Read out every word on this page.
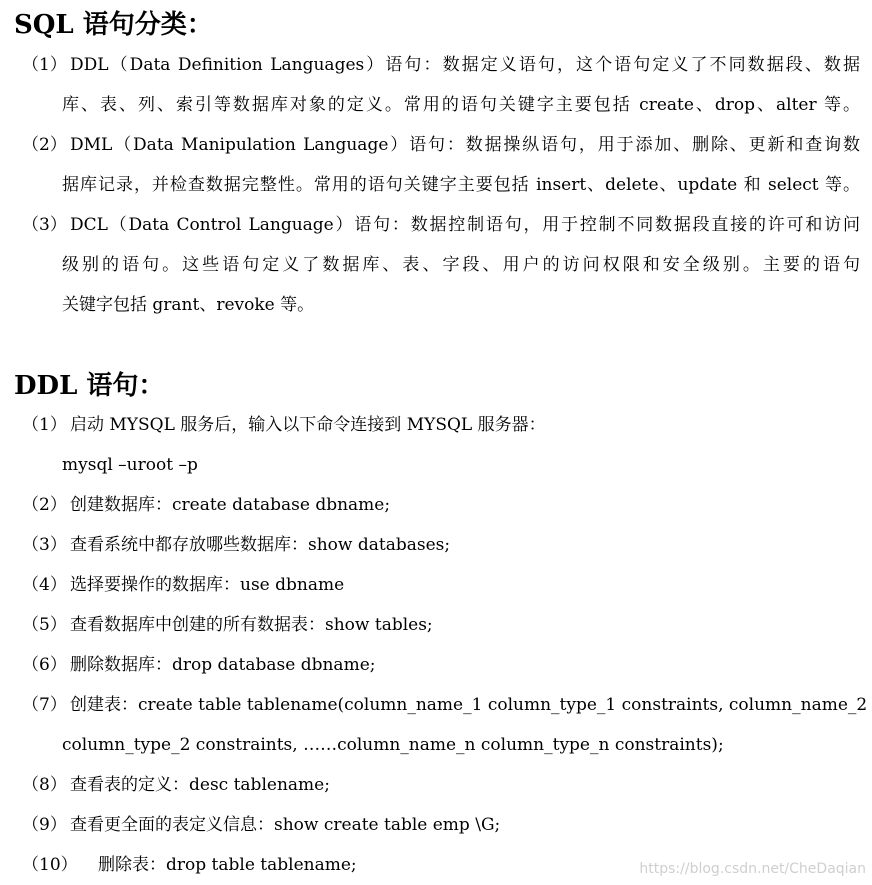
SQL 语句分类：
（1） DDL（Data Definition Languages）语句：数据定义语句，这个语句定义了不同数据段、数据
库、表、列、索引等数据库对象的定义。常用的语句关键字主要包括 create、drop、alter 等。
（2） DML（Data Manipulation Language）语句：数据操纵语句，用于添加、删除、更新和查询数
据库记录，并检查数据完整性。常用的语句关键字主要包括 insert、delete、update 和 select 等。
（3） DCL（Data Control Language）语句：数据控制语句，用于控制不同数据段直接的许可和访问
级别的语句。这些语句定义了数据库、表、字段、用户的访问权限和安全级别。主要的语句
关键字包括 grant、revoke 等。
DDL 语句：
（1） 启动 MYSQL 服务后，输入以下命令连接到 MYSQL 服务器：
mysql –uroot –p
（2） 创建数据库：create database dbname;
（3） 查看系统中都存放哪些数据库：show databases;
（4） 选择要操作的数据库：use dbname
（5） 查看数据库中创建的所有数据表：show tables;
（6） 删除数据库：drop database dbname;
（7） 创建表：create table tablename(column_name_1 column_type_1 constraints, column_name_2
column_type_2 constraints, ……column_name_n column_type_n constraints);
（8） 查看表的定义：desc tablename;
（9） 查看更全面的表定义信息：show create table emp \G;
（10） 删除表：drop table tablename;	https://blog.csdn.net/CheDaqian
